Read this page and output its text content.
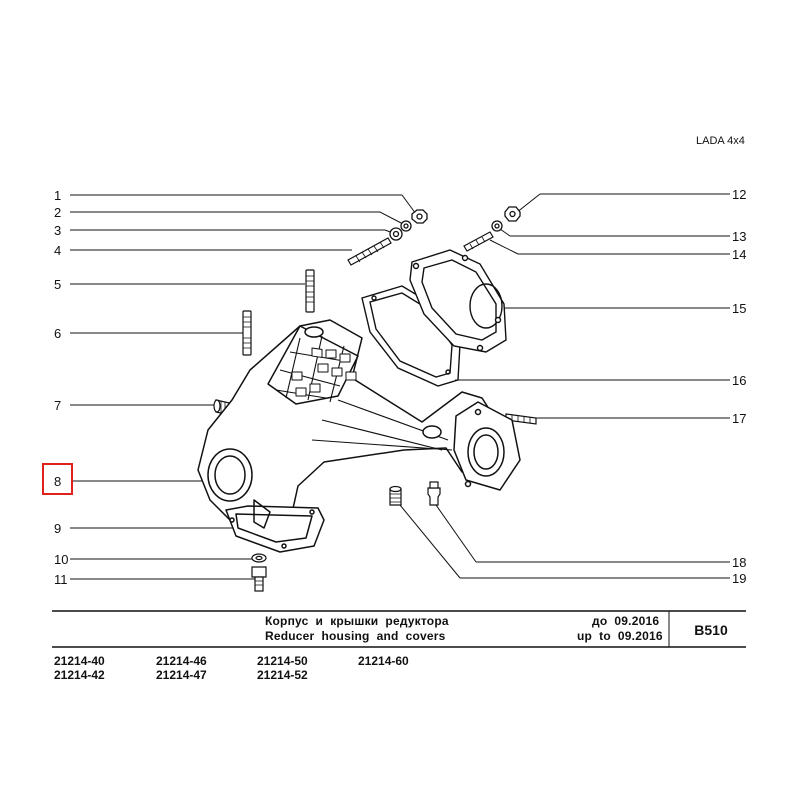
1
2
3
4
5
6
7
8
9
10
11
12
13
14
15
16
17
18
19
LADA 4x4
Корпус  и  крышки  редуктора
Reducer  housing  and  covers
до  09.2016
up  to  09.2016	B510
21214-40	21214-46	21214-50	21214-60
21214-42	21214-47	21214-52
